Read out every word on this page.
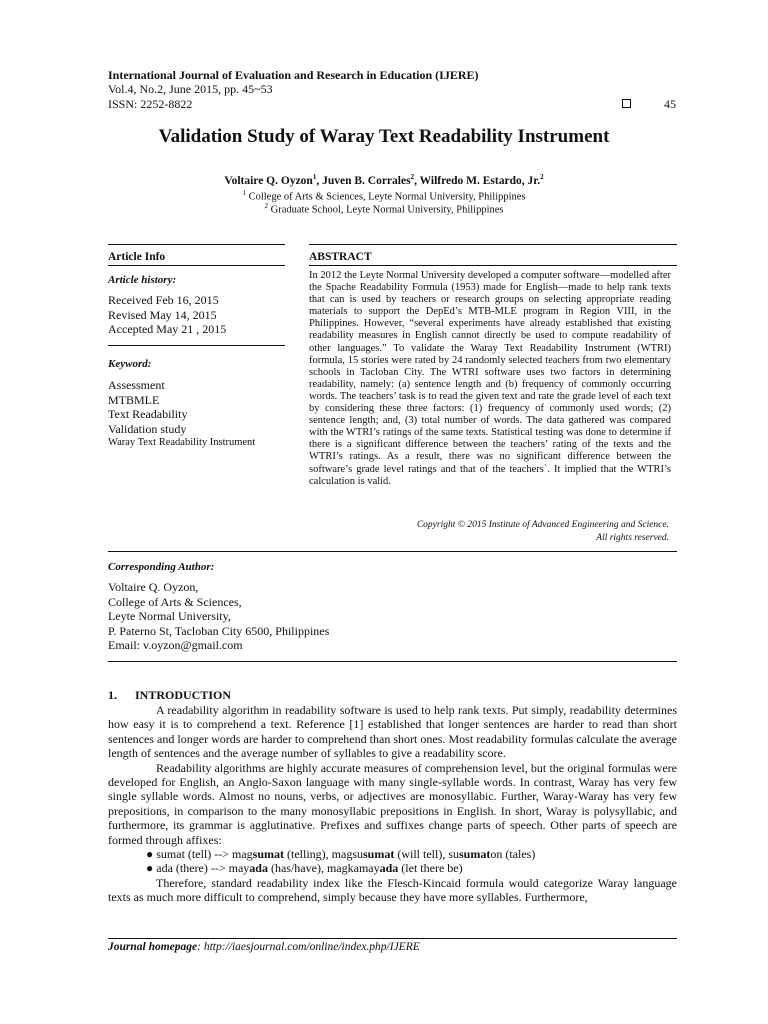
International Journal of Evaluation and Research in Education (IJERE)
Vol.4, No.2, June 2015, pp. 45~53
ISSN: 2252-8822	45
Validation Study of Waray Text Readability Instrument
Voltaire Q. Oyzon$^1$, Juven B. Corrales$^2$, Wilfredo M. Estardo, Jr.$^2$
$^1$ College of Arts & Sciences, Leyte Normal University, Philippines
$^2$ Graduate School, Leyte Normal University, Philippines
Article Info
Article history:
Received Feb 16, 2015
Revised May 14, 2015
Accepted May 21 , 2015
Keyword:
Assessment
MTBMLE
Text Readability
Validation study
Waray Text Readability Instrument
ABSTRACT
In 2012 the Leyte Normal University developed a computer software—modelled after the Spache Readability Formula (1953) made for English—made to help rank texts that can is used by teachers or research groups on selecting appropriate reading materials to support the DepEd’s MTB-MLE program in Region VIII, in the Philippines. However, “several experiments have already established that existing readability measures in English cannot directly be used to compute readability of other languages.” To validate the Waray Text Readability Instrument (WTRI) formula, 15 stories were rated by 24 randomly selected teachers from two elementary schools in Tacloban City. The WTRI software uses two factors in determining readability, namely: (a) sentence length and (b) frequency of commonly occurring words. The teachers’ task is to read the given text and rate the grade level of each text by considering these three factors: (1) frequency of commonly used words; (2) sentence length; and, (3) total number of words. The data gathered was compared with the WTRI’s ratings of the same texts. Statistical testing was done to determine if there is a significant difference between the teachers’ rating of the texts and the WTRI’s ratings. As a result, there was no significant difference between the software’s grade level ratings and that of the teachers`. It implied that the WTRI’s calculation is valid.
Copyright © 2015 Institute of Advanced Engineering and Science.
All rights reserved.
Corresponding Author:
Voltaire Q. Oyzon,
College of Arts & Sciences,
Leyte Normal University,
P. Paterno St, Tacloban City 6500, Philippines
Email: v.oyzon@gmail.com
1. INTRODUCTION

A readability algorithm in readability software is used to help rank texts. Put simply, readability determines how easy it is to comprehend a text. Reference [1] established that longer sentences are harder to read than short sentences and longer words are harder to comprehend than short ones. Most readability formulas calculate the average length of sentences and the average number of syllables to give a readability score.

Readability algorithms are highly accurate measures of comprehension level, but the original formulas were developed for English, an Anglo-Saxon language with many single-syllable words. In contrast, Waray has very few single syllable words. Almost no nouns, verbs, or adjectives are monosyllabic. Further, Waray-Waray has very few prepositions, in comparison to the many monosyllabic prepositions in English. In short, Waray is polysyllabic, and furthermore, its grammar is agglutinative. Prefixes and suffixes change parts of speech. Other parts of speech are formed through affixes:

● sumat (tell) --> magsumat (telling), magsusumat (will tell), susumaton (tales)

● ada (there) --> mayada (has/have), magkamayada (let there be)

Therefore, standard readability index like the Flesch-Kincaid formula would categorize Waray language texts as much more difficult to comprehend, simply because they have more syllables. Furthermore,

Journal homepage: http://iaesjournal.com/online/index.php/IJERE
